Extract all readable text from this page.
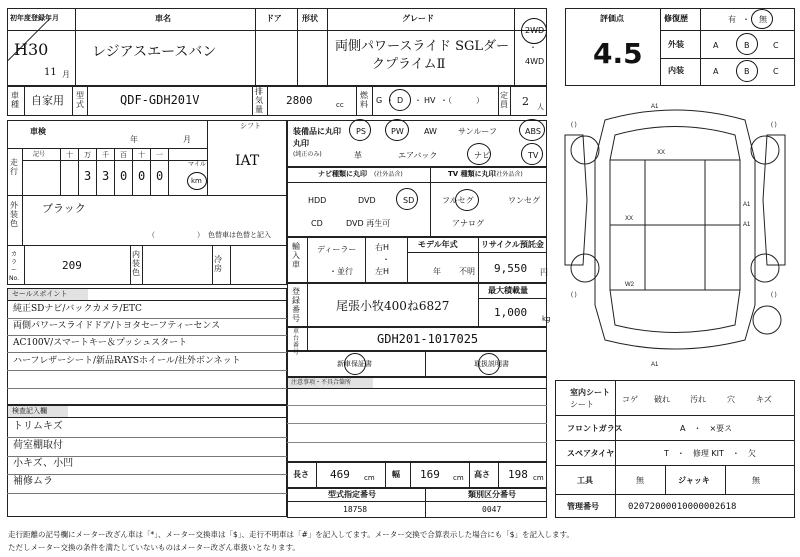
初年度登録年月
H30
11 月
車名
レジアスエースバン
ドア	形状	グレード
両側パワースライド SGLダー
クプライムⅡ
2WD
・
4WD
評価点
4.5
修復歴	有 ・ 無
外装	A	B	C
内装	A	B	C
車種 自家用 型式	QDF-GDH201V
排気量
2800	cc
燃料 G ・ D ・ HV ・（　　　）
定員 2 人
車検
年	月
シフト
IAT
走行
記号	十 万 千 百 十 一
3 3 0 0 0
マイル
km
外装色
ブラック
（　　　　　　） 色替車は色替と記入
カラーNo.
209
内装色
冷房
装備品に丸印
(純正のみ)
丸印
PS	PW	AW	サンルーフ	ABS
革	エアバック	ナビ	TV
ナビ種類に丸印 (社外品含)	TV 種類に丸印
(社外品含)
HDD	DVD	SD
CD	DVD 再生可
フルセグ	ワンセグ
アナログ
輸入車
ディーラー
・並行
右H
・
左H
モデル年式
年 不明
リサイクル預託金
9,550 円
登録番号
尾張小牧400ね6827
最大積載量
1,000 kg
車台番号
GDH201-1017025
新車保証書	取扱説明書
セールスポイント
純正SDナビ/バックカメラ/ETC
両側パワースライドドア/トヨタセーフティーセンス
AC100V/スマートキー＆プッシュスタート
ハーフレザーシート/新品RAYSホイール/社外ボンネット
注意事項・不具合箇所
検査記入欄
トリムキズ
荷室棚取付
小キズ、小凹
補修ムラ
長さ 469 cm 幅 169 cm 高さ 198 cm
型式指定番号
18758
類別区分番号
0047
室内シート
シート
コゲ 破れ	汚れ	穴	キズ
フロントガラス	A　・　×要ス
スペアタイヤ	T　・　修理 KIT　・　欠
工具	無	ジャッキ	無
管理番号	02072000010000002618
A1
XX
XX
A1
A1
W2
A1
( )	( )
( )	( )
走行距離の記号欄にメーター改ざん車は「*」、メーター交換車は「$」、走行不明車は「#」を記入してます。メーター交換で合算表示した場合にも「$」を記入します。
ただしメーター交換の条件を満たしていないものはメーター改ざん車扱いとなります。
